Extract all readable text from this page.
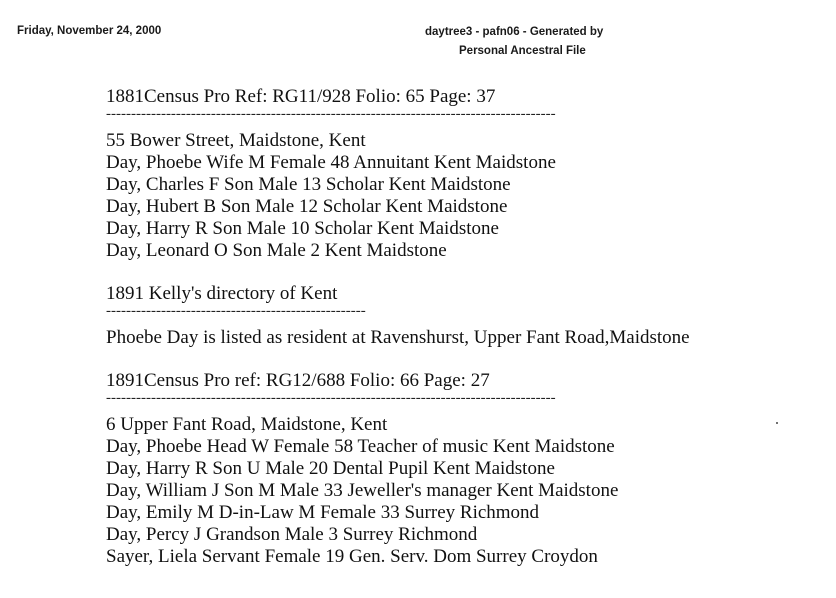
Friday, November 24, 2000	daytree3 - pafn06 - Generated by
Personal Ancestral File
1881Census Pro Ref: RG11/928 Folio: 65 Page: 37
------------------------------------------------------------------------------------------
55 Bower Street, Maidstone, Kent
Day, Phoebe Wife M Female 48 Annuitant Kent Maidstone
Day, Charles F Son Male 13 Scholar Kent Maidstone
Day, Hubert B Son Male 12 Scholar Kent Maidstone
Day, Harry R Son Male 10 Scholar Kent Maidstone
Day, Leonard O Son Male 2 Kent Maidstone
1891 Kelly's directory of Kent
----------------------------------------------------
Phoebe Day is listed as resident at Ravenshurst, Upper Fant Road,Maidstone
1891Census Pro ref: RG12/688 Folio: 66 Page: 27
------------------------------------------------------------------------------------------
6 Upper Fant Road, Maidstone, Kent
Day, Phoebe Head W Female 58 Teacher of music Kent Maidstone
Day, Harry R Son U Male 20 Dental Pupil Kent Maidstone
Day, William J Son M Male 33 Jeweller's manager Kent Maidstone
Day, Emily M D-in-Law M Female 33 Surrey Richmond
Day, Percy J Grandson Male 3 Surrey Richmond
Sayer, Liela Servant Female 19 Gen. Serv. Dom Surrey Croydon
